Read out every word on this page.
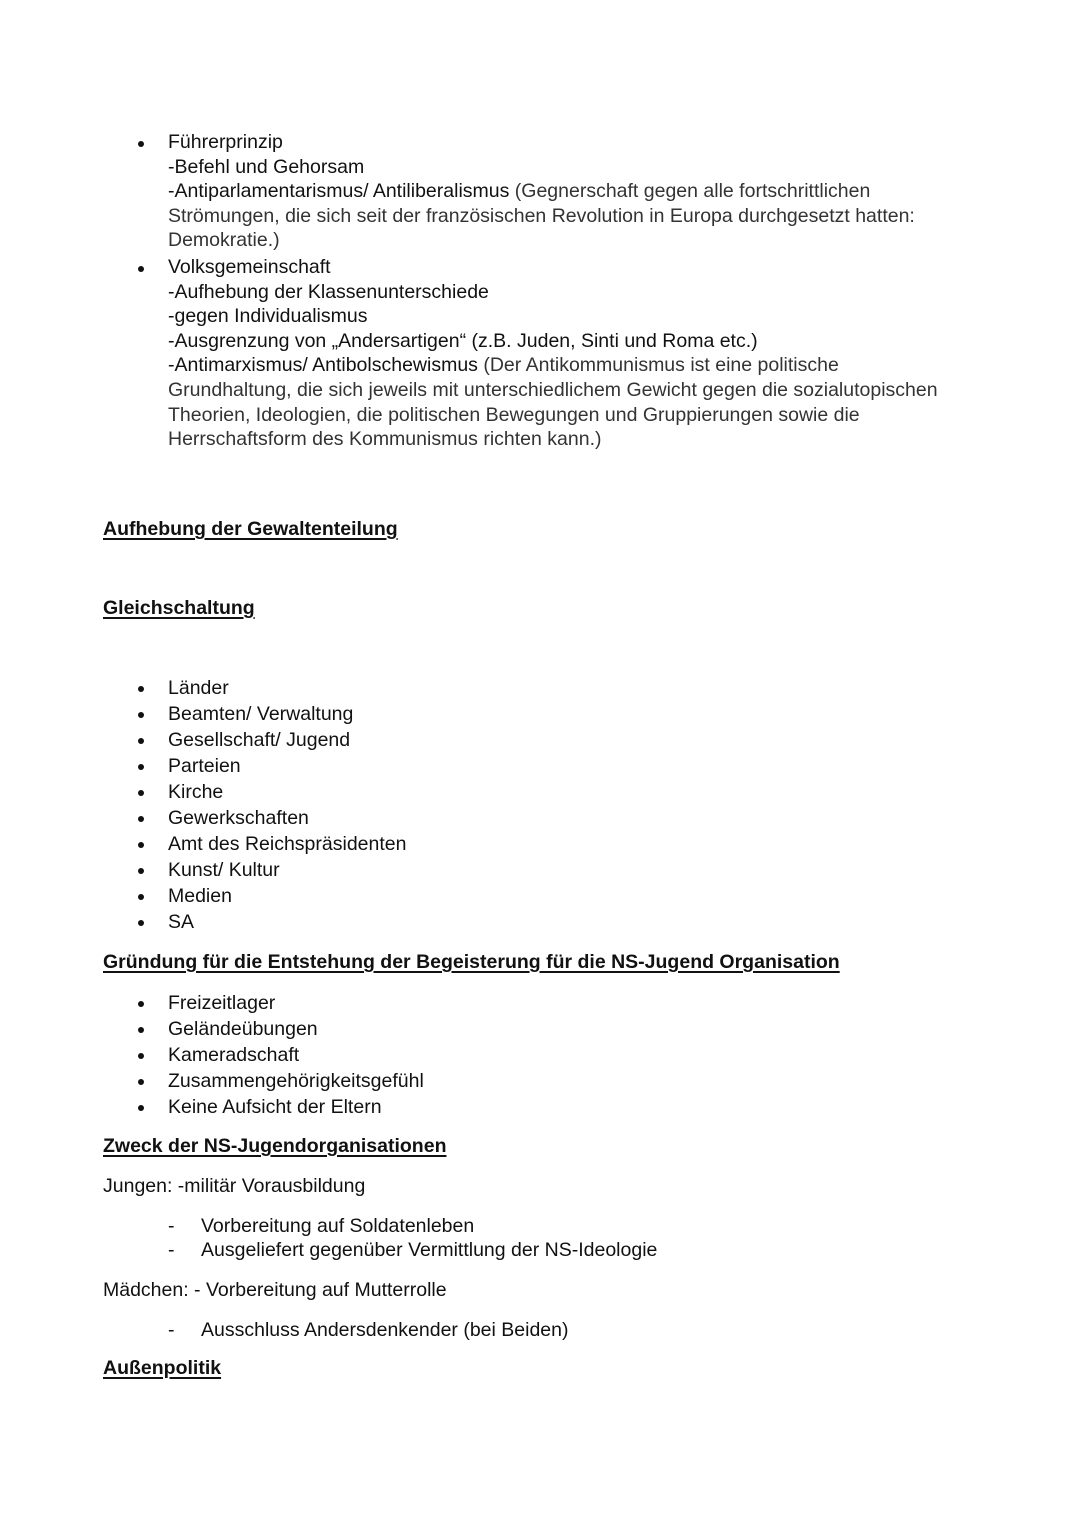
Führerprinzip
-Befehl und Gehorsam
-Antiparlamentarismus/ Antiliberalismus (Gegnerschaft gegen alle fortschrittlichen
Strömungen, die sich seit der französischen Revolution in Europa durchgesetzt hatten:
Demokratie.)
Volksgemeinschaft
-Aufhebung der Klassenunterschiede
-gegen Individualismus
-Ausgrenzung von „Andersartigen“ (z.B. Juden, Sinti und Roma etc.)
-Antimarxismus/ Antibolschewismus (Der Antikommunismus ist eine politische
Grundhaltung, die sich jeweils mit unterschiedlichem Gewicht gegen die sozialutopischen
Theorien, Ideologien, die politischen Bewegungen und Gruppierungen sowie die
Herrschaftsform des Kommunismus richten kann.)
Aufhebung der Gewaltenteilung
Gleichschaltung
Länder
Beamten/ Verwaltung
Gesellschaft/ Jugend
Parteien
Kirche
Gewerkschaften
Amt des Reichspräsidenten
Kunst/ Kultur
Medien
SA
Gründung für die Entstehung der Begeisterung für die NS-Jugend Organisation
Freizeitlager
Geländeübungen
Kameradschaft
Zusammengehörigkeitsgefühl
Keine Aufsicht der Eltern
Zweck der NS-Jugendorganisationen
Jungen: -militär Vorausbildung
- Vorbereitung auf Soldatenleben
- Ausgeliefert gegenüber Vermittlung der NS-Ideologie
Mädchen: - Vorbereitung auf Mutterrolle
- Ausschluss Andersdenkender (bei Beiden)
Außenpolitik
